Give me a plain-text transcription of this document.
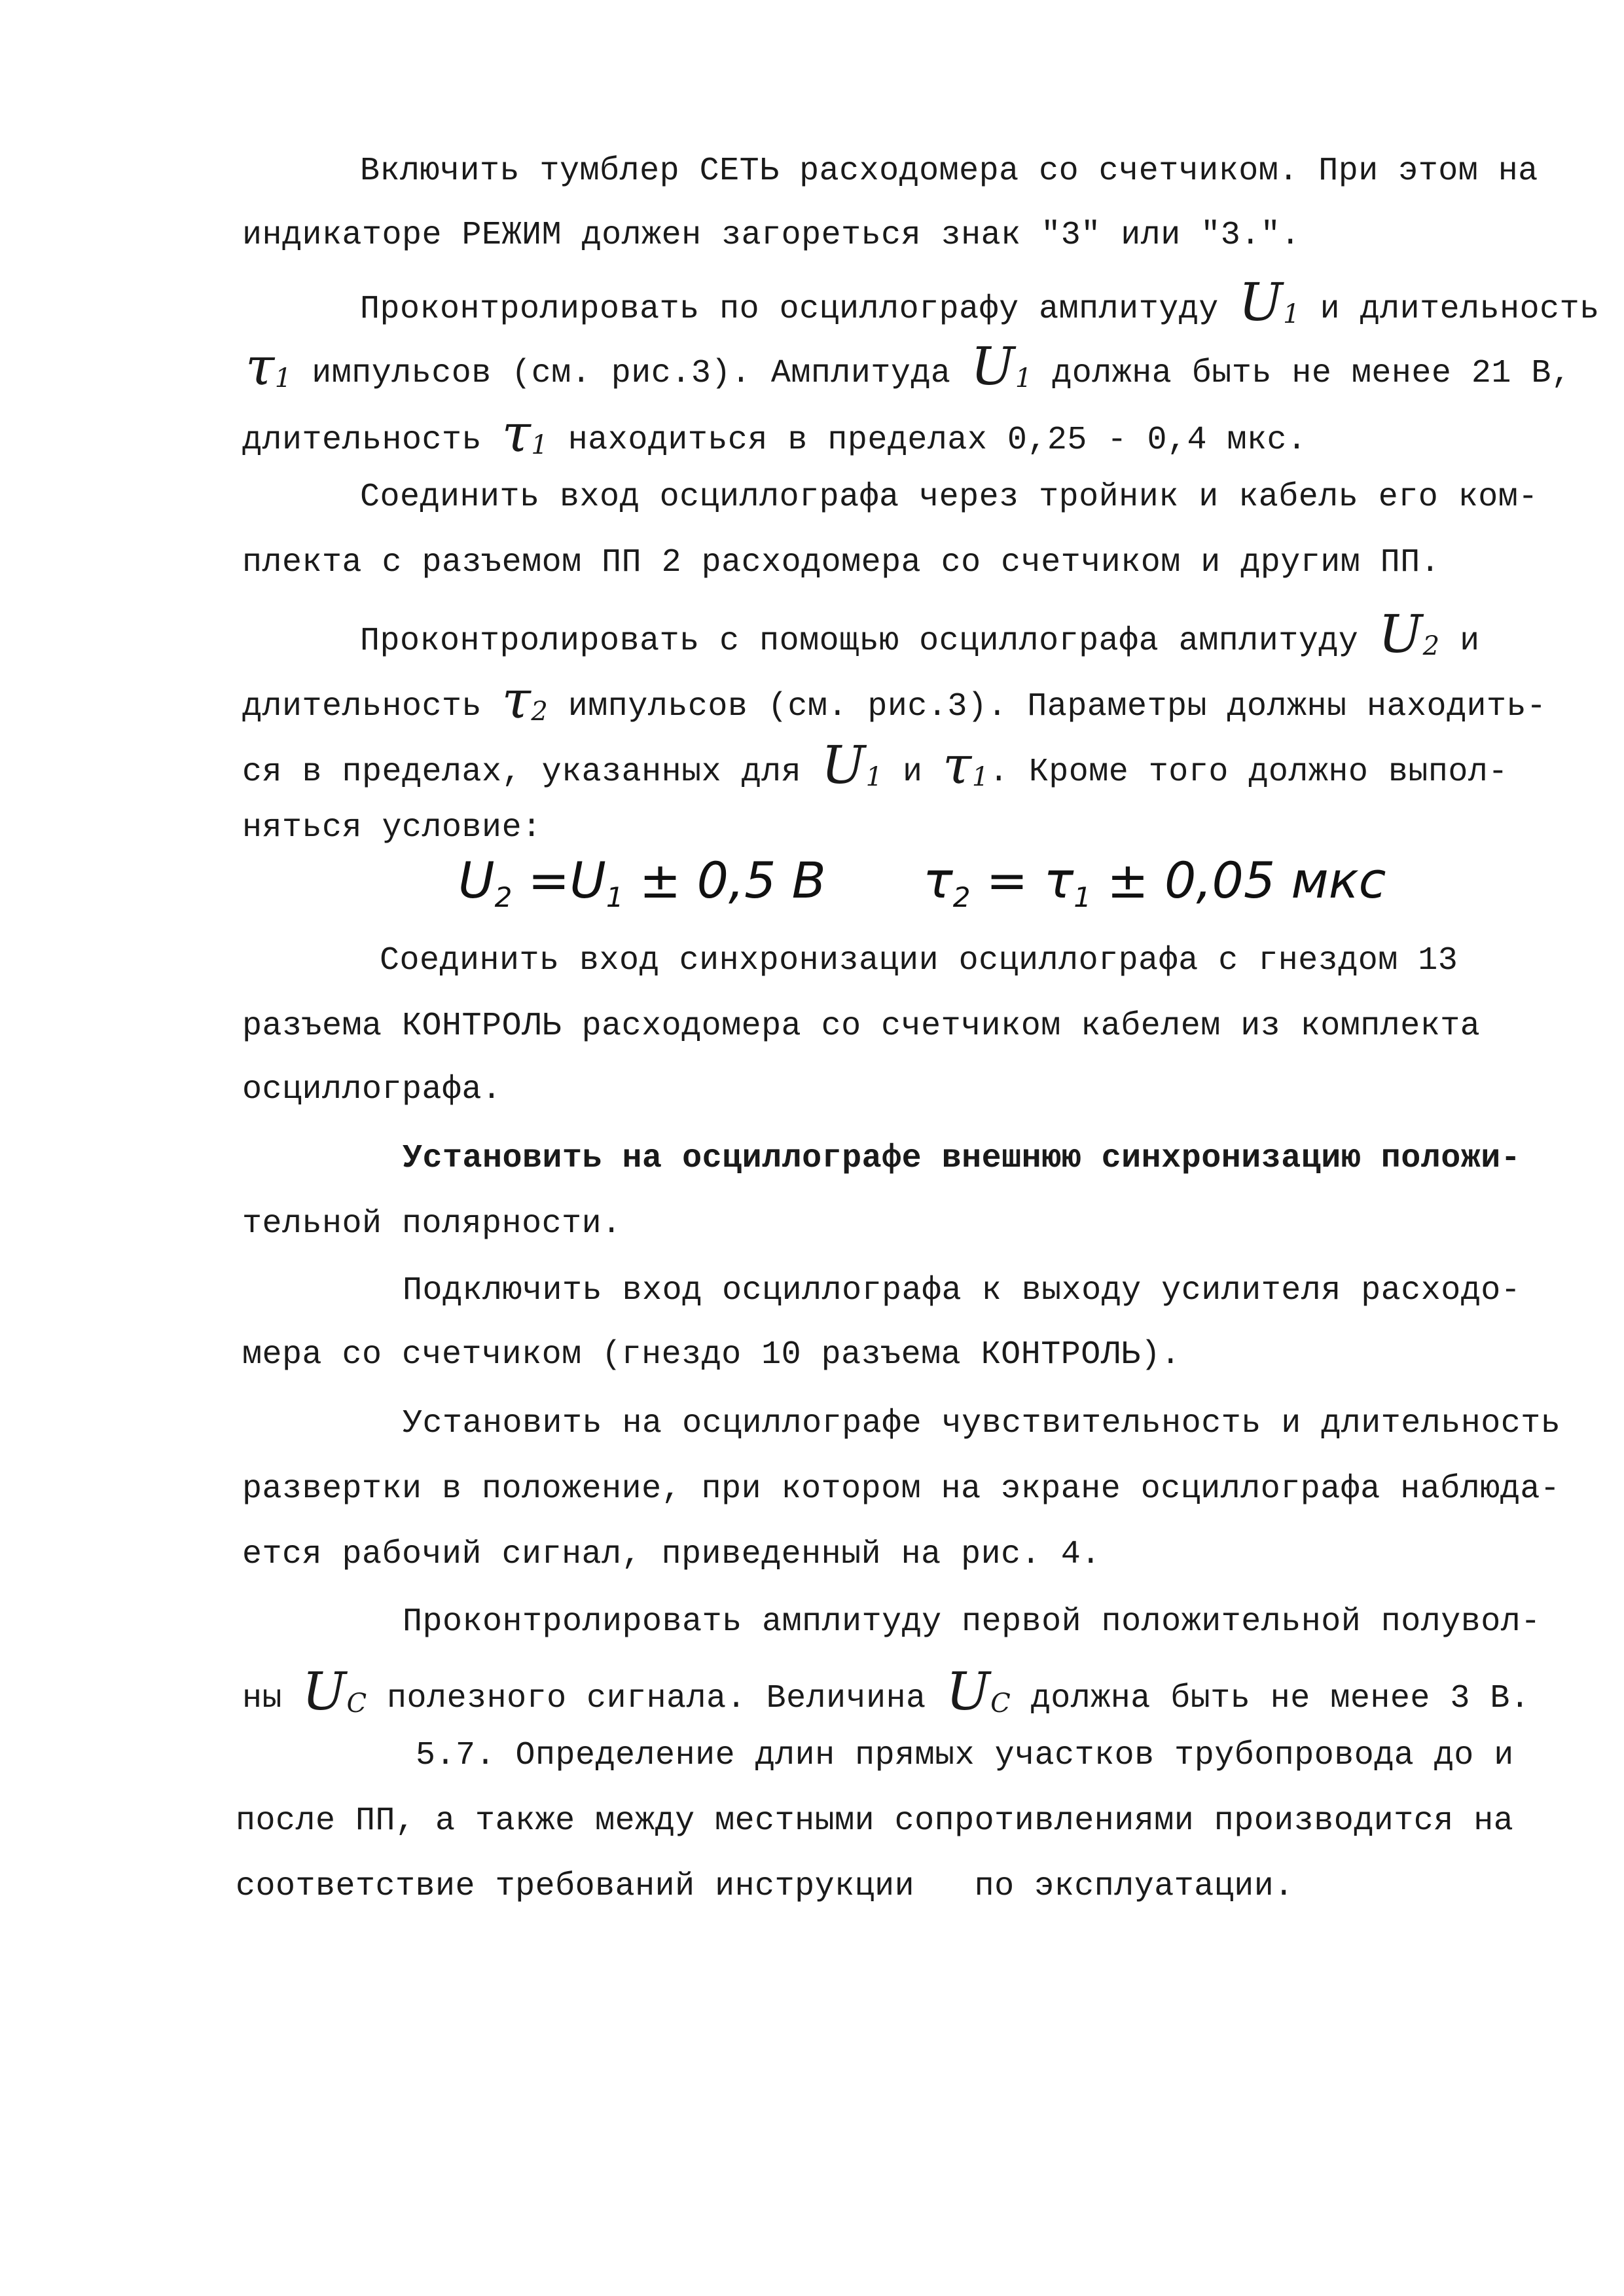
Включить тумблер СЕТЬ расходомера со счетчиком. При этом на
индикаторе РЕЖИМ должен загореться знак "3" или "3.".
Проконтролировать по осциллографу амплитуду $U_1$ и длительность
$\tau_1$ импульсов (см. рис.3). Амплитуда $U_1$ должна быть не менее 21 В,
длительность $\tau_1$ находиться в пределах 0,25 - 0,4 мкс.
Соединить вход осциллографа через тройник и кабель его ком-
плекта с разъемом ПП 2 расходомера со счетчиком и другим ПП.
Проконтролировать с помощью осциллографа амплитуду $U_2$ и
длительность $\tau_2$ импульсов (см. рис.3). Параметры должны находить-
ся в пределах, указанных для $U_1$ и $\tau_1$. Кроме того должно выпол-
няться условие:
$U_2 =U_1 \pm 0,5$ В $\tau_2 = \tau_1 \pm 0,05$ мкс
Соединить вход синхронизации осциллографа с гнездом 13
разъема КОНТРОЛЬ расходомера со счетчиком кабелем из комплекта
осциллографа.
Установить на осциллографе внешнюю синхронизацию положи-
тельной полярности.
Подключить вход осциллографа к выходу усилителя расходо-
мера со счетчиком (гнездо 10 разъема КОНТРОЛЬ).
Установить на осциллографе чувствительность и длительность
развертки в положение, при котором на экране осциллографа наблюда-
ется рабочий сигнал, приведенный на рис. 4.
Проконтролировать амплитуду первой положительной полувол-
ны $U_C$ полезного сигнала. Величина $U_C$ должна быть не менее 3 В.
5.7. Определение длин прямых участков трубопровода до и
после ПП, а также между местными сопротивлениями производится на
соответствие требований инструкции   по эксплуатации.
